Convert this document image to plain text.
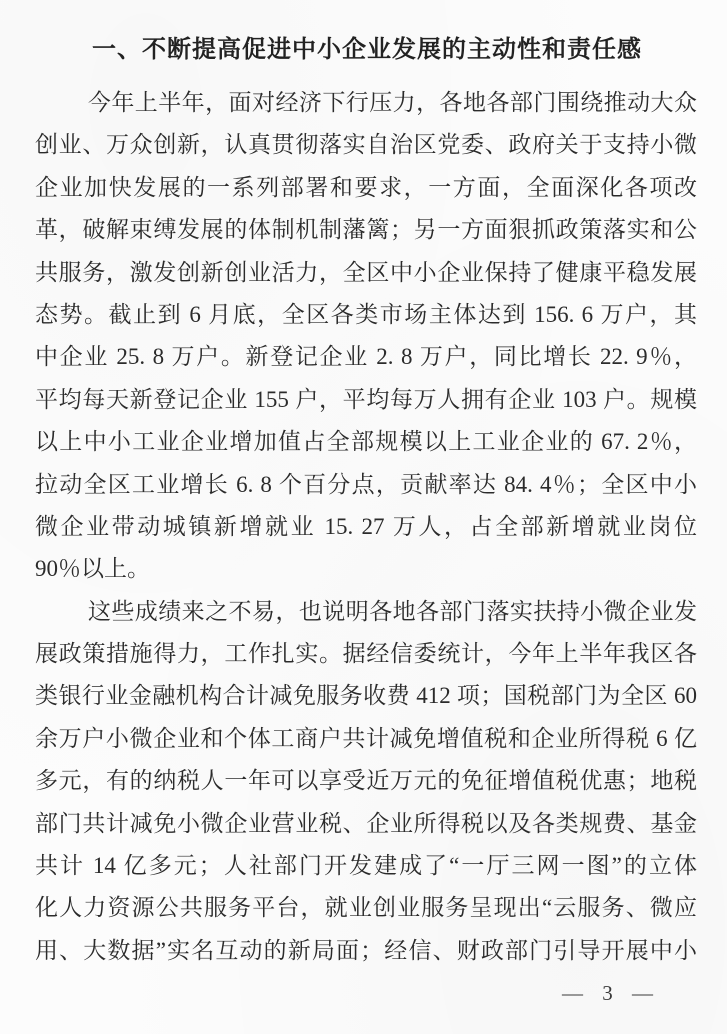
一、不断提高促进中小企业发展的主动性和责任感
今年上半年，面对经济下行压力，各地各部门围绕推动大众
创业、万众创新，认真贯彻落实自治区党委、政府关于支持小微
企业加快发展的一系列部署和要求，一方面，全面深化各项改
革，破解束缚发展的体制机制藩篱；另一方面狠抓政策落实和公
共服务，激发创新创业活力，全区中小企业保持了健康平稳发展
态势。截止到 6 月底，全区各类市场主体达到 156. 6 万户，其
中企业 25. 8 万户。新登记企业 2. 8 万户，同比增长 22. 9％，
平均每天新登记企业 155 户，平均每万人拥有企业 103 户。规模
以上中小工业企业增加值占全部规模以上工业企业的 67. 2％，
拉动全区工业增长 6. 8 个百分点，贡献率达 84. 4％；全区中小
微企业带动城镇新增就业 15. 27 万人，占全部新增就业岗位
90％以上。
这些成绩来之不易，也说明各地各部门落实扶持小微企业发
展政策措施得力，工作扎实。据经信委统计，今年上半年我区各
类银行业金融机构合计减免服务收费 412 项；国税部门为全区 60
余万户小微企业和个体工商户共计减免增值税和企业所得税 6 亿
多元，有的纳税人一年可以享受近万元的免征增值税优惠；地税
部门共计减免小微企业营业税、企业所得税以及各类规费、基金
共计 14 亿多元；人社部门开发建成了“一厅三网一图”的立体
化人力资源公共服务平台，就业创业服务呈现出“云服务、微应
用、大数据”实名互动的新局面；经信、财政部门引导开展中小
— 3 —
